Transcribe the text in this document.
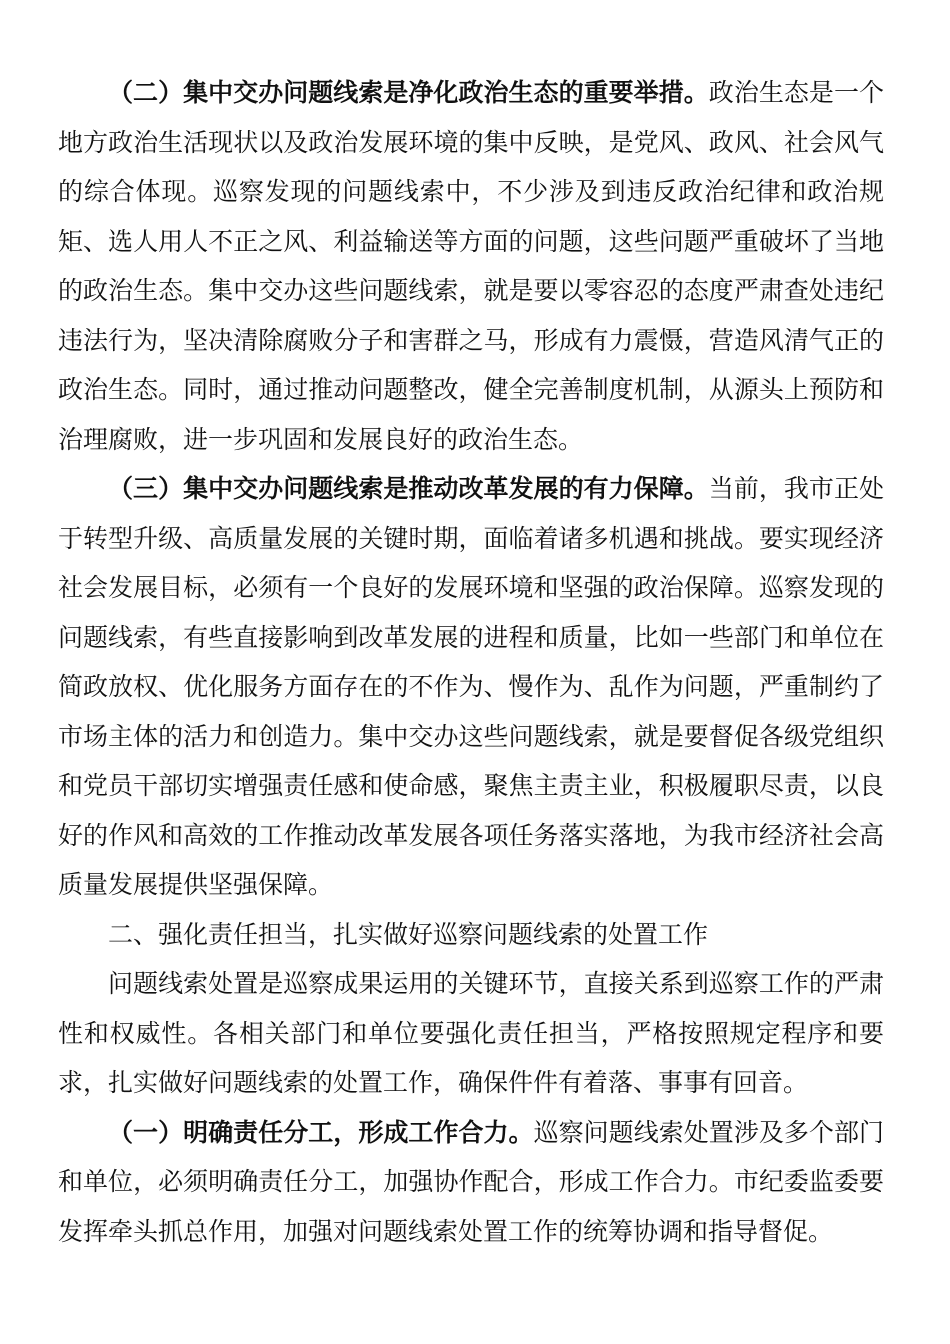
（二）集中交办问题线索是净化政治生态的重要举措。政治生态是一个地方政治生活现状以及政治发展环境的集中反映，是党风、政风、社会风气的综合体现。巡察发现的问题线索中，不少涉及到违反政治纪律和政治规矩、选人用人不正之风、利益输送等方面的问题，这些问题严重破坏了当地的政治生态。集中交办这些问题线索，就是要以零容忍的态度严肃查处违纪违法行为，坚决清除腐败分子和害群之马，形成有力震慑，营造风清气正的政治生态。同时，通过推动问题整改，健全完善制度机制，从源头上预防和治理腐败，进一步巩固和发展良好的政治生态。

（三）集中交办问题线索是推动改革发展的有力保障。当前，我市正处于转型升级、高质量发展的关键时期，面临着诸多机遇和挑战。要实现经济社会发展目标，必须有一个良好的发展环境和坚强的政治保障。巡察发现的问题线索，有些直接影响到改革发展的进程和质量，比如一些部门和单位在简政放权、优化服务方面存在的不作为、慢作为、乱作为问题，严重制约了市场主体的活力和创造力。集中交办这些问题线索，就是要督促各级党组织和党员干部切实增强责任感和使命感，聚焦主责主业，积极履职尽责，以良好的作风和高效的工作推动改革发展各项任务落实落地，为我市经济社会高质量发展提供坚强保障。

二、强化责任担当，扎实做好巡察问题线索的处置工作

问题线索处置是巡察成果运用的关键环节，直接关系到巡察工作的严肃性和权威性。各相关部门和单位要强化责任担当，严格按照规定程序和要求，扎实做好问题线索的处置工作，确保件件有着落、事事有回音。

（一）明确责任分工，形成工作合力。巡察问题线索处置涉及多个部门和单位，必须明确责任分工，加强协作配合，形成工作合力。市纪委监委要发挥牵头抓总作用，加强对问题线索处置工作的统筹协调和指导督促。
